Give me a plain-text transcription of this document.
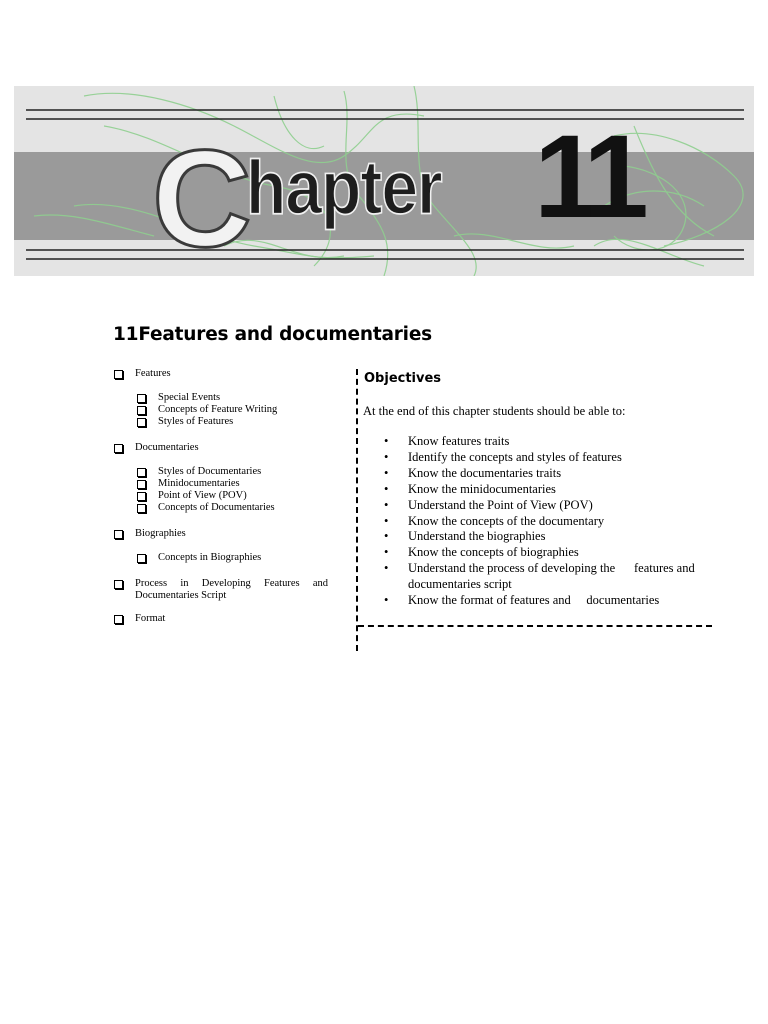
C
hapter 11
11Features and documentaries
Features
Special Events
Concepts of Feature Writing
Styles of Features
Documentaries
Styles of Documentaries
Minidocumentaries
Point of View (POV)
Concepts of Documentaries
Biographies
Concepts in Biographies
Process in Developing Features and Documentaries Script
Format
Objectives

At the end of this chapter students should be able to:

• Know features traits
• Identify the concepts and styles of features
• Know the documentaries traits
• Know the minidocumentaries
• Understand the Point of View (POV)
• Know the concepts of the documentary
• Understand the biographies
• Know the concepts of biographies
• Understand the process of developing the      features and documentaries script
• Know the format of features and     documentaries
